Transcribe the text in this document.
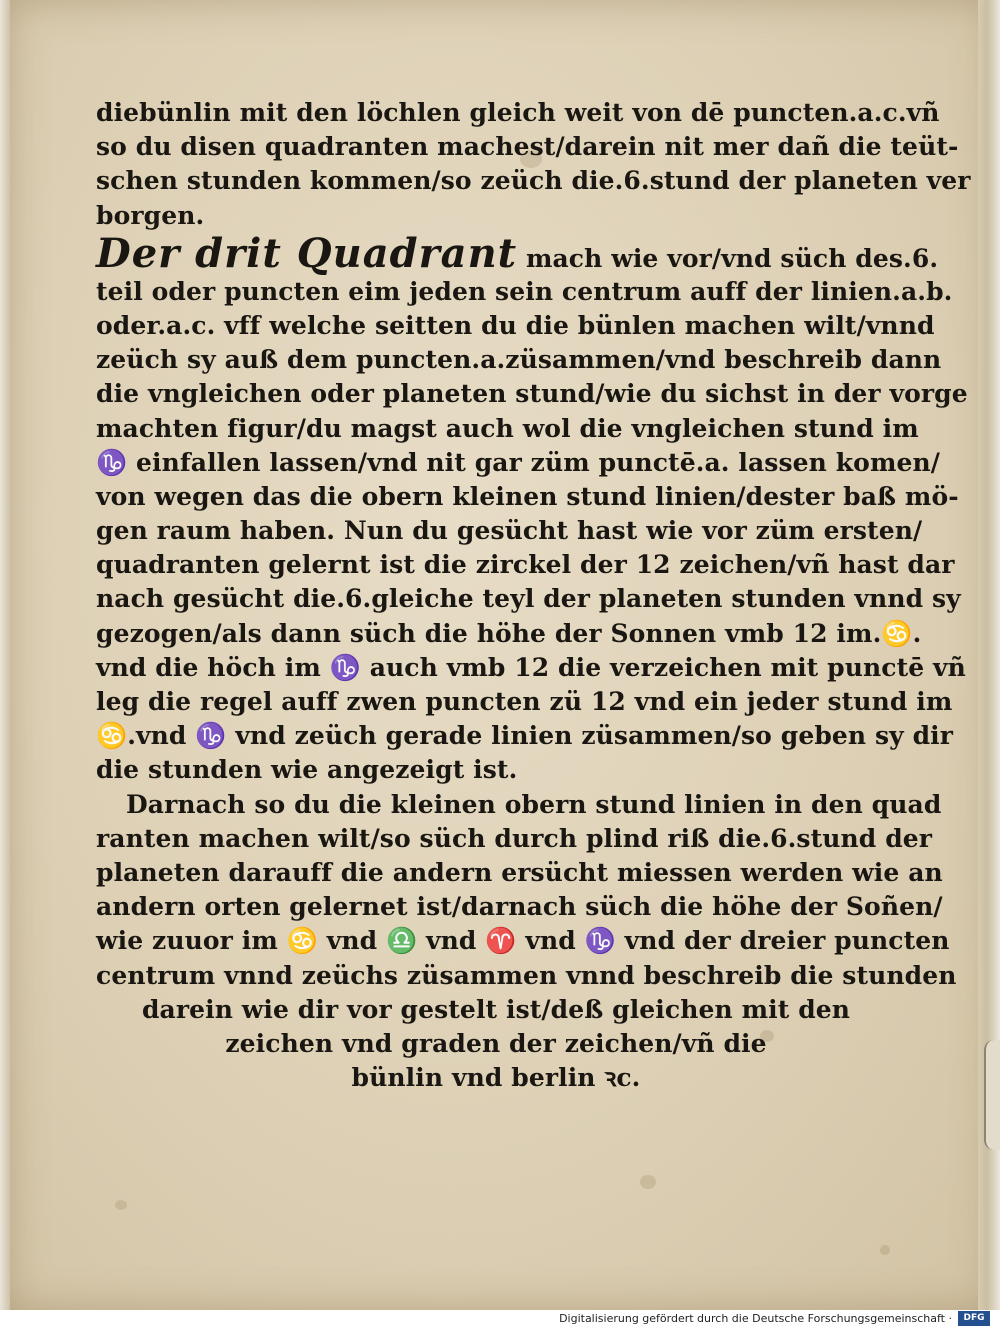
diebünlin mit den löchlen gleich weit von dē puncten.a.c.vñ
so du disen quadranten machest/darein nit mer dañ die teüt-
schen stunden kommen/so zeüch die.6.stund der planeten ver
borgen.
Der drit Quadrant mach wie vor/vnd süch des.6.
teil oder puncten eim jeden sein centrum auff der linien.a.b.
oder.a.c. vff welche seitten du die bünlen machen wilt/vnnd
zeüch sy auß dem puncten.a.züsammen/vnd beschreib dann
die vngleichen oder planeten stund/wie du sichst in der vorge
machten figur/du magst auch wol die vngleichen stund im
♑ einfallen lassen/vnd nit gar züm punctē.a. lassen komen/
von wegen das die obern kleinen stund linien/dester baß mö-
gen raum haben. Nun du gesücht hast wie vor züm ersten/
quadranten gelernt ist die zirckel der 12 zeichen/vñ hast dar
nach gesücht die.6.gleiche teyl der planeten stunden vnnd sy
gezogen/als dann süch die höhe der Sonnen vmb 12 im.♋.
vnd die höch im ♑ auch vmb 12 die verzeichen mit punctē vñ
leg die regel auff zwen puncten zü 12 vnd ein jeder stund im
♋.vnd ♑ vnd zeüch gerade linien züsammen/so geben sy dir
die stunden wie angezeigt ist.
Darnach so du die kleinen obern stund linien in den quad
ranten machen wilt/so süch durch plind riß die.6.stund der
planeten darauff die andern ersücht miessen werden wie an
andern orten gelernet ist/darnach süch die höhe der Soñen/
wie zuuor im ♋ vnd ♎ vnd ♈ vnd ♑ vnd der dreier puncten
centrum vnnd zeüchs züsammen vnnd beschreib die stunden
darein wie dir vor gestelt ist/deß gleichen mit den
zeichen vnd graden der zeichen/vñ die
bünlin vnd berlin ꝛc.
Digitalisierung gefördert durch die Deutsche Forschungsgemeinschaft ·	DFG
